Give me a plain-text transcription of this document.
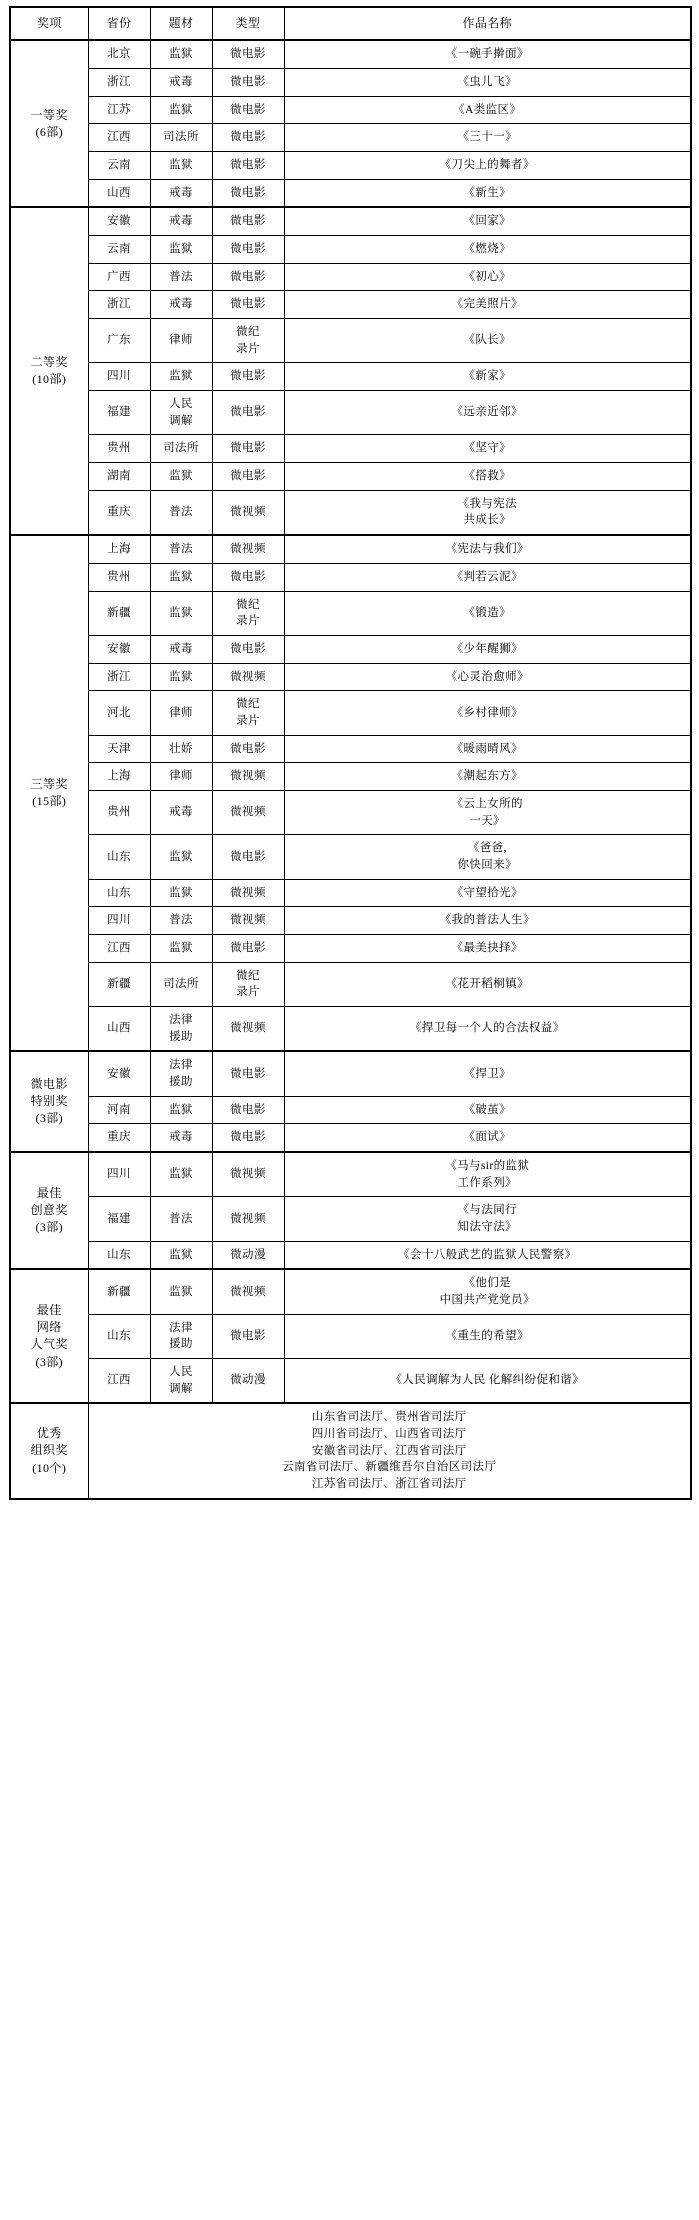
奖项	省份	题材	类型	作品名称

一等奖
(6部)	北京	监狱	微电影	《一碗手擀面》
	浙江	戒毒	微电影	《虫儿飞》
	江苏	监狱	微电影	《A类监区》
	江西	司法所	微电影	《三十一》
	云南	监狱	微电影	《刀尖上的舞者》
	山西	戒毒	微电影	《新生》

二等奖
(10部)	安徽	戒毒	微电影	《回家》
	云南	监狱	微电影	《燃烧》
	广西	普法	微电影	《初心》
	浙江	戒毒	微电影	《完美照片》
	广东	律师	微纪
录片	《队长》
	四川	监狱	微电影	《新家》
	福建	人民
调解	微电影	《远亲近邻》
	贵州	司法所	微电影	《坚守》
	湖南	监狱	微电影	《搭救》
	重庆	普法	微视频	《我与宪法
共成长》

三等奖
(15部)	上海	普法	微视频	《宪法与我们》
	贵州	监狱	微电影	《判若云泥》
	新疆	监狱	微纪
录片	《锻造》
	安徽	戒毒	微电影	《少年醒狮》
	浙江	监狱	微视频	《心灵治愈师》
	河北	律师	微纪
录片	《乡村律师》
	天津	壮娇	微电影	《暖雨晴风》
	上海	律师	微视频	《潮起东方》
	贵州	戒毒	微视频	《云上女所的
一天》

	山东	监狱	微电影	《爸爸,
你快回来》

	山东	监狱	微视频	《守望拾光》
	四川	普法	微视频	《我的普法人生》
	江西	监狱	微电影	《最美抉择》
	新疆	司法所	微纪
录片	《花开稻桐镇》
	山西	法律
援助	微视频	《捍卫每一个人的合法权益》

微电影
特别奖
(3部)	安徽	法律
援助	微电影	《捍卫》
	河南	监狱	微电影	《破茧》
	重庆	戒毒	微电影	《面试》

最佳
创意奖
(3部)	四川	监狱	微视频	《马与sir的监狱
工作系列》

	福建	普法	微视频	《与法同行
知法守法》

	山东	监狱	微动漫	《会十八般武艺的监狱人民警察》

最佳
网络
人气奖
(3部)	新疆	监狱	微视频	《他们是
中国共产党党员》

	山东	法律
援助	微电影	《重生的希望》
	江西	人民
调解	微动漫	《人民调解为人民 化解纠纷促和谐》

优秀
组织奖
(10个)	山东省司法厅、贵州省司法厅
四川省司法厅、山西省司法厅
安徽省司法厅、江西省司法厅
云南省司法厅、新疆维吾尔自治区司法厅
江苏省司法厅、浙江省司法厅			
